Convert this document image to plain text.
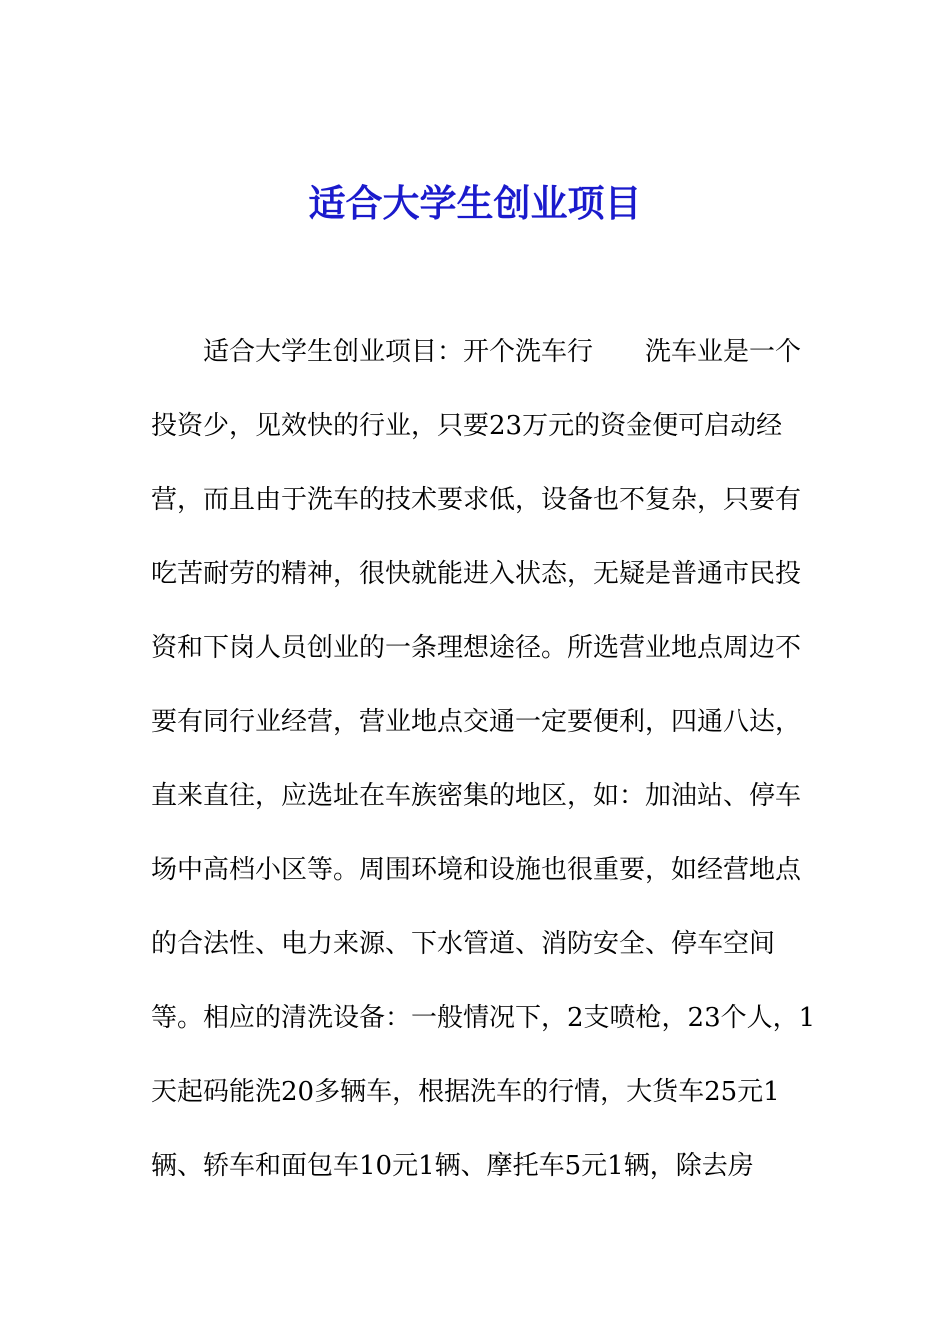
适合大学生创业项目
适合大学生创业项目：开个洗车行　　洗车业是一个
投资少，见效快的行业，只要23万元的资金便可启动经
营，而且由于洗车的技术要求低，设备也不复杂，只要有
吃苦耐劳的精神，很快就能进入状态，无疑是普通市民投
资和下岗人员创业的一条理想途径。所选营业地点周边不
要有同行业经营，营业地点交通一定要便利，四通八达，
直来直往，应选址在车族密集的地区，如：加油站、停车
场中高档小区等。周围环境和设施也很重要，如经营地点
的合法性、电力来源、下水管道、消防安全、停车空间
等。相应的清洗设备：一般情况下，2支喷枪，23个人，1
天起码能洗20多辆车，根据洗车的行情，大货车25元1
辆、轿车和面包车10元1辆、摩托车5元1辆，除去房
